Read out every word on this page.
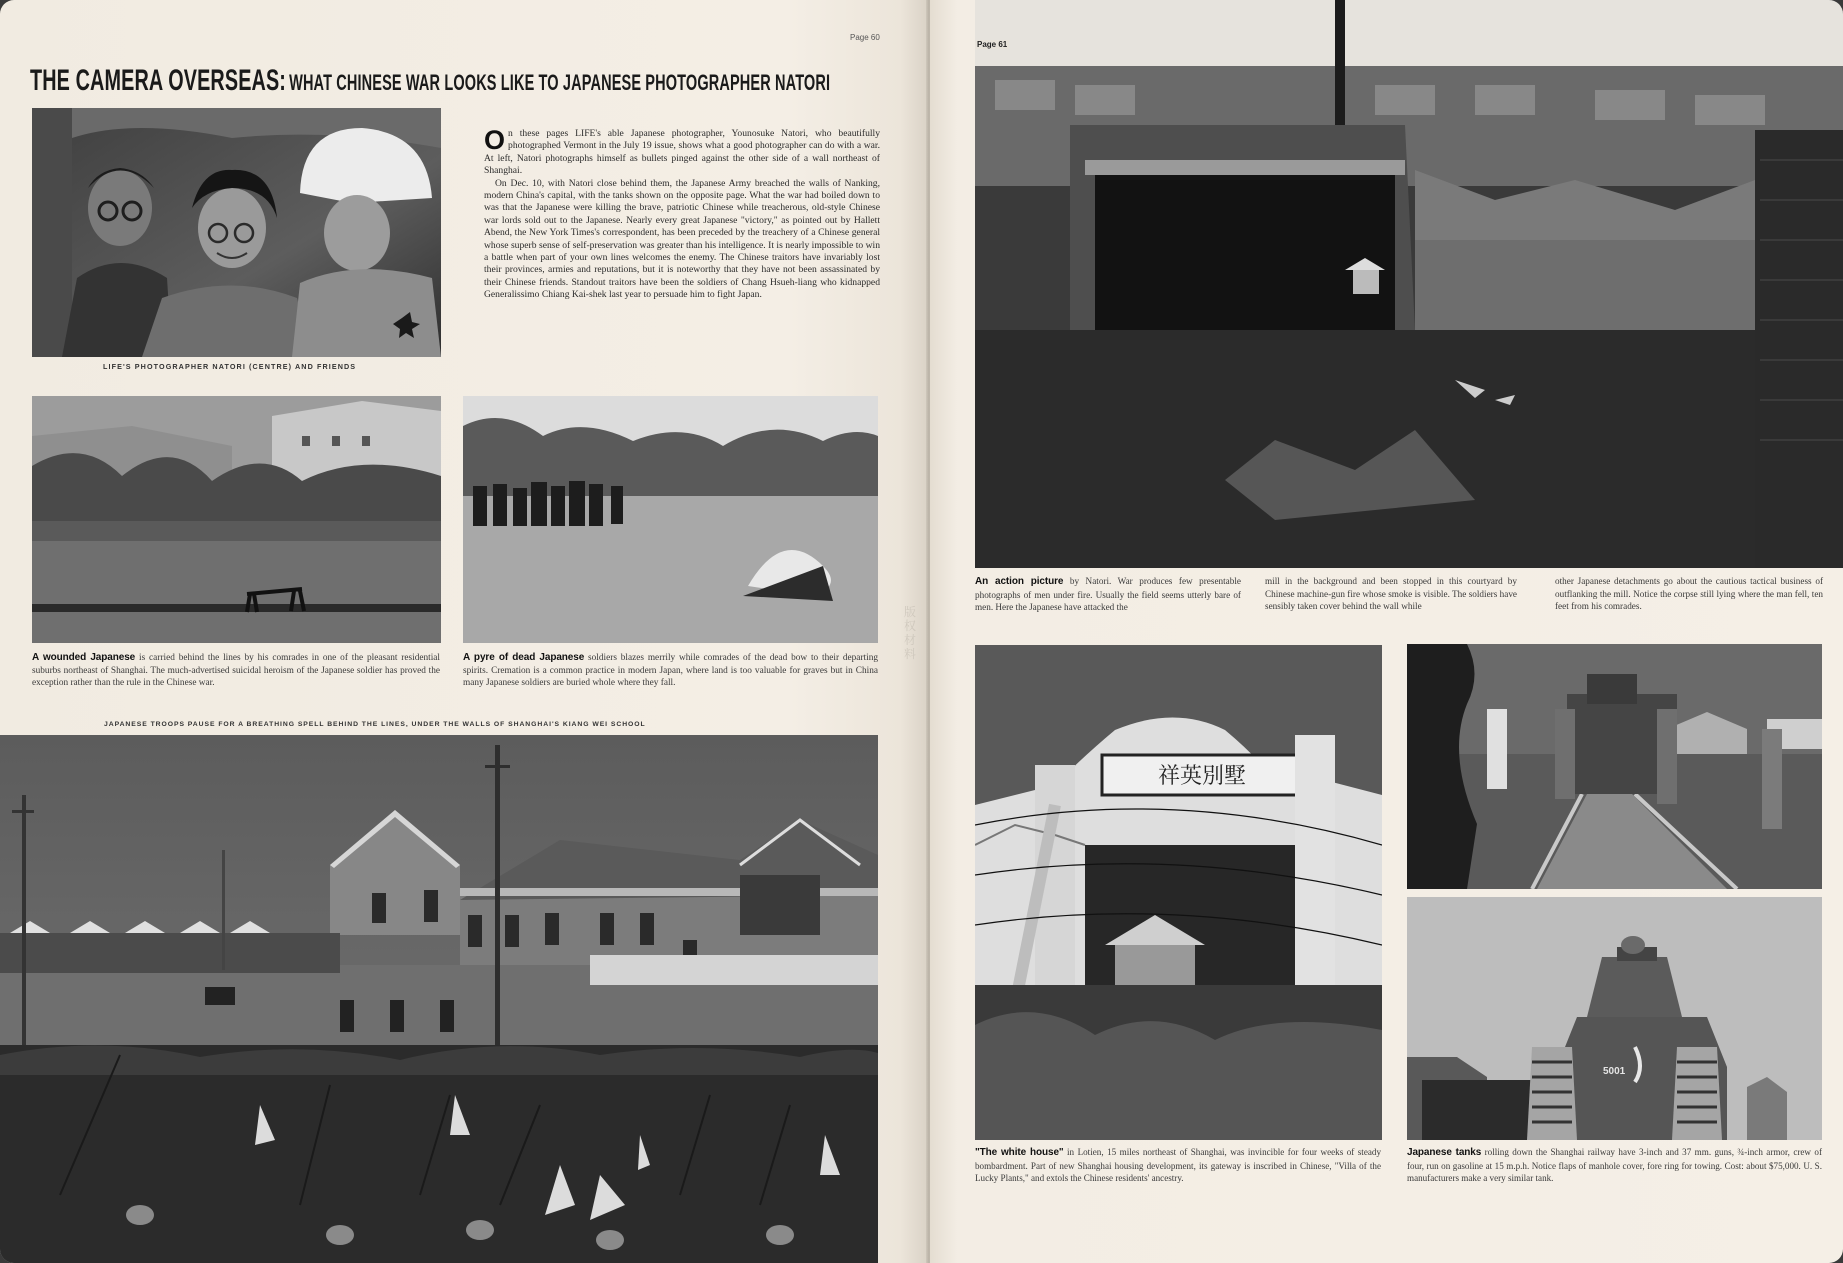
Page 60
THE CAMERA OVERSEAS: WHAT CHINESE WAR LOOKS LIKE TO JAPANESE PHOTOGRAPHER NATORI
LIFE'S PHOTOGRAPHER NATORI (CENTRE) AND FRIENDS

On these pages LIFE's able Japanese photographer, Younosuke Natori, who beautifully photographed Vermont in the July 19 issue, shows what a good photographer can do with a war. At left, Natori photographs himself as bullets pinged against the other side of a wall northeast of Shanghai.

On Dec. 10, with Natori close behind them, the Japanese Army breached the walls of Nanking, modern China's capital, with the tanks shown on the opposite page. What the war had boiled down to was that the Japanese were killing the brave, patriotic Chinese while treacherous, old-style Chinese war lords sold out to the Japanese. Nearly every great Japanese "victory," as pointed out by Hallett Abend, the New York Times's correspondent, has been preceded by the treachery of a Chinese general whose superb sense of self-preservation was greater than his intelligence. It is nearly impossible to win a battle when part of your own lines welcomes the enemy. The Chinese traitors have invariably lost their provinces, armies and reputations, but it is noteworthy that they have not been assassinated by their Chinese friends. Standout traitors have been the soldiers of Chang Hsueh-liang who kidnapped Generalissimo Chiang Kai-shek last year to persuade him to fight Japan.

A wounded Japanese is carried behind the lines by his comrades in one of the pleasant residential suburbs northeast of Shanghai. The much-advertised suicidal heroism of the Japanese soldier has proved the exception rather than the rule in the Chinese war.
A pyre of dead Japanese soldiers blazes merrily while comrades of the dead bow to their departing spirits. Cremation is a common practice in modern Japan, where land is too valuable for graves but in China many Japanese soldiers are buried whole where they fall.
JAPANESE TROOPS PAUSE FOR A BREATHING SPELL BEHIND THE LINES, UNDER THE WALLS OF SHANGHAI'S KIANG WEI SCHOOL
版权材料
Page 61
An action picture by Natori. War produces few presentable photographs of men under fire. Usually the field seems utterly bare of men. Here the Japanese have attacked the
mill in the background and been stopped in this courtyard by Chinese machine-gun fire whose smoke is visible. The soldiers have sensibly taken cover behind the wall while
other Japanese detachments go about the cautious tactical business of outflanking the mill. Notice the corpse still lying where the man fell, ten feet from his comrades.
祥英別墅
"The white house" in Lotien, 15 miles northeast of Shanghai, was invincible for four weeks of steady bombardment. Part of new Shanghai housing development, its gateway is inscribed in Chinese, "Villa of the Lucky Plants," and extols the Chinese residents' ancestry.
5001
Japanese tanks rolling down the Shanghai railway have 3-inch and 37 mm. guns, ¾-inch armor, crew of four, run on gasoline at 15 m.p.h. Notice flaps of manhole cover, fore ring for towing. Cost: about $75,000. U. S. manufacturers make a very similar tank.
